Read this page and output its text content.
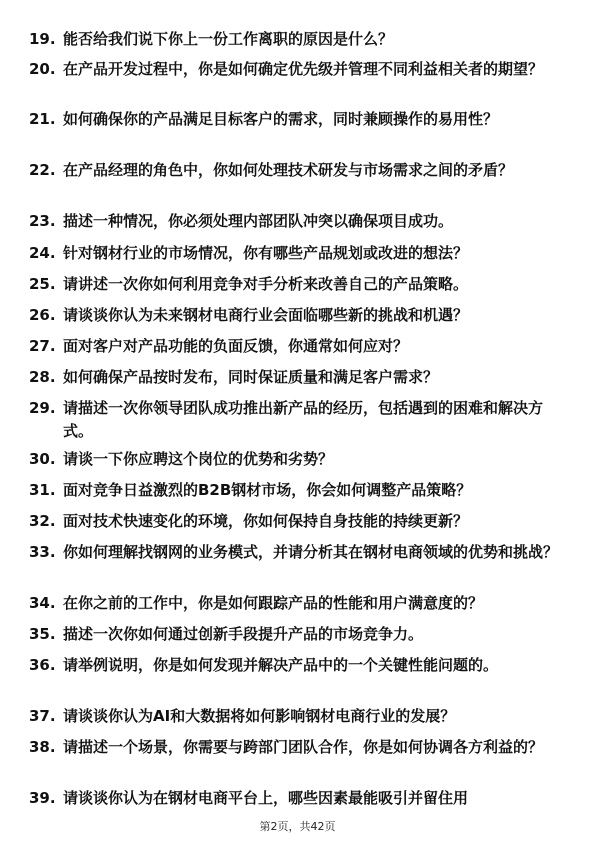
19. 能否给我们说下你上一份工作离职的原因是什么？
20. 在产品开发过程中，你是如何确定优先级并管理不同利益相关者的期望？
21. 如何确保你的产品满足目标客户的需求，同时兼顾操作的易用性？
22. 在产品经理的角色中，你如何处理技术研发与市场需求之间的矛盾？
23. 描述一种情况，你必须处理内部团队冲突以确保项目成功。
24. 针对钢材行业的市场情况，你有哪些产品规划或改进的想法？
25. 请讲述一次你如何利用竞争对手分析来改善自己的产品策略。
26. 请谈谈你认为未来钢材电商行业会面临哪些新的挑战和机遇？
27. 面对客户对产品功能的负面反馈，你通常如何应对？
28. 如何确保产品按时发布，同时保证质量和满足客户需求？
29. 请描述一次你领导团队成功推出新产品的经历，包括遇到的困难和解决方式。
30. 请谈一下你应聘这个岗位的优势和劣势？
31. 面对竞争日益激烈的B2B钢材市场，你会如何调整产品策略？
32. 面对技术快速变化的环境，你如何保持自身技能的持续更新？
33. 你如何理解找钢网的业务模式，并请分析其在钢材电商领域的优势和挑战？
34. 在你之前的工作中，你是如何跟踪产品的性能和用户满意度的？
35. 描述一次你如何通过创新手段提升产品的市场竞争力。
36. 请举例说明，你是如何发现并解决产品中的一个关键性能问题的。
37. 请谈谈你认为AI和大数据将如何影响钢材电商行业的发展？
38. 请描述一个场景，你需要与跨部门团队合作，你是如何协调各方利益的？
39. 请谈谈你认为在钢材电商平台上，哪些因素最能吸引并留住用
第2页，共42页
